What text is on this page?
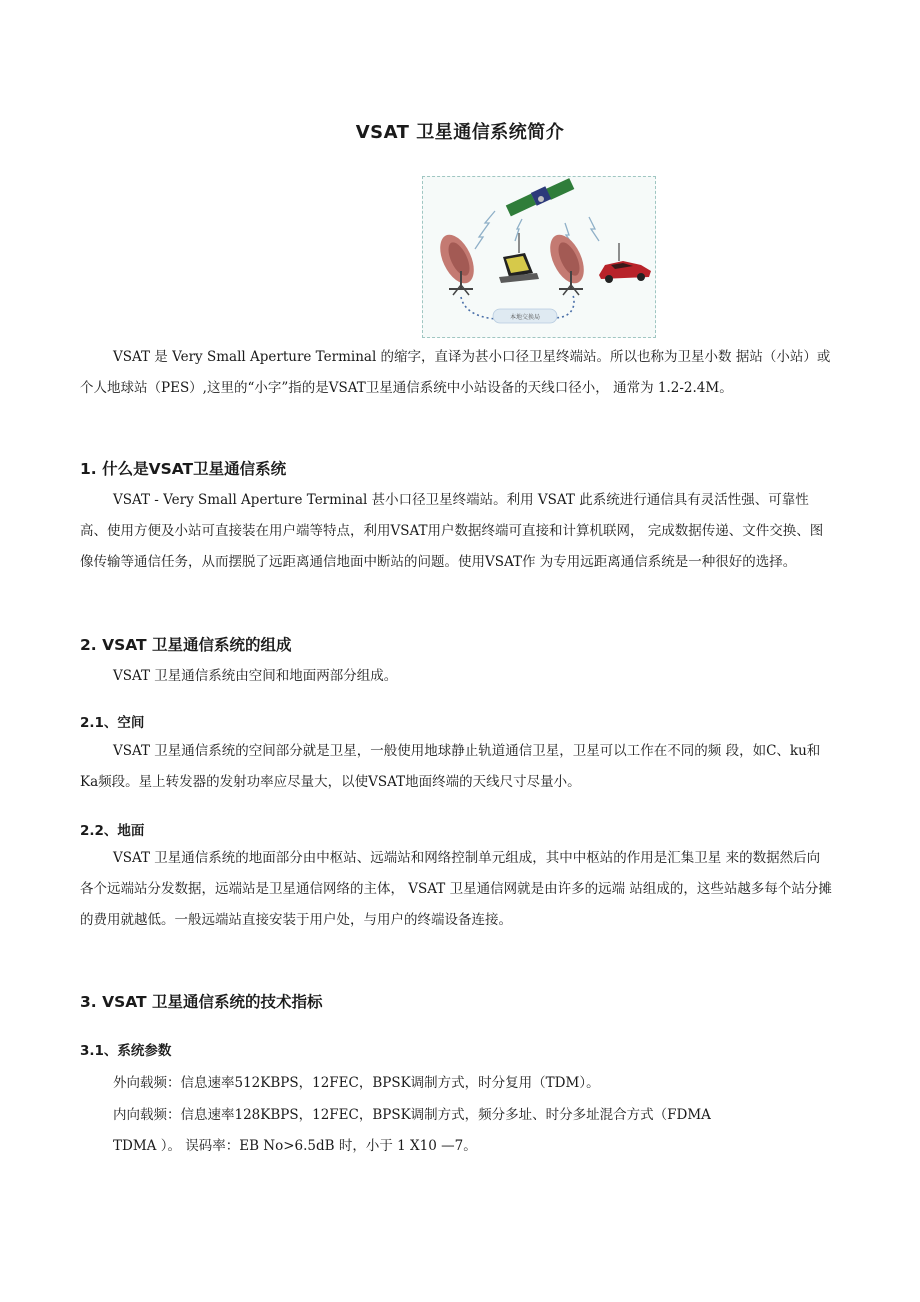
VSAT 卫星通信系统简介
本地交换局

VSAT 是 Very Small Aperture Terminal 的缩字，直译为甚小口径卫星终端站。所以也称为卫星小数 据站（小站）或个人地球站（PES）,这里的“小字”指的是VSAT卫星通信系统中小站设备的天线口径小， 通常为 1.2-2.4M。

1. 什么是VSAT卫星通信系统

VSAT - Very Small Aperture Terminal 甚小口径卫星终端站。利用 VSAT 此系统进行通信具有灵活性强、可靠性高、使用方便及小站可直接装在用户端等特点，利用VSAT用户数据终端可直接和计算机联网， 完成数据传递、文件交换、图像传输等通信任务，从而摆脱了远距离通信地面中断站的问题。使用VSAT作 为专用远距离通信系统是一种很好的选择。

2. VSAT 卫星通信系统的组成

VSAT 卫星通信系统由空间和地面两部分组成。

2.1、空间

VSAT 卫星通信系统的空间部分就是卫星，一般使用地球静止轨道通信卫星，卫星可以工作在不同的频 段，如C、ku和Ka频段。星上转发器的发射功率应尽量大，以使VSAT地面终端的天线尺寸尽量小。

2.2、地面

VSAT 卫星通信系统的地面部分由中枢站、远端站和网络控制单元组成，其中中枢站的作用是汇集卫星 来的数据然后向各个远端站分发数据，远端站是卫星通信网络的主体， VSAT 卫星通信网就是由许多的远端 站组成的，这些站越多每个站分摊的费用就越低。一般远端站直接安装于用户处，与用户的终端设备连接。

3. VSAT 卫星通信系统的技术指标

3.1、系统参数

外向载频：信息速率512KBPS，12FEC，BPSK调制方式，时分复用（TDM）。

内向载频：信息速率128KBPS，12FEC，BPSK调制方式，频分多址、时分多址混合方式（FDMA

TDMA ）。 误码率：EB No>6.5dB 时，小于 1 X10 —7。
